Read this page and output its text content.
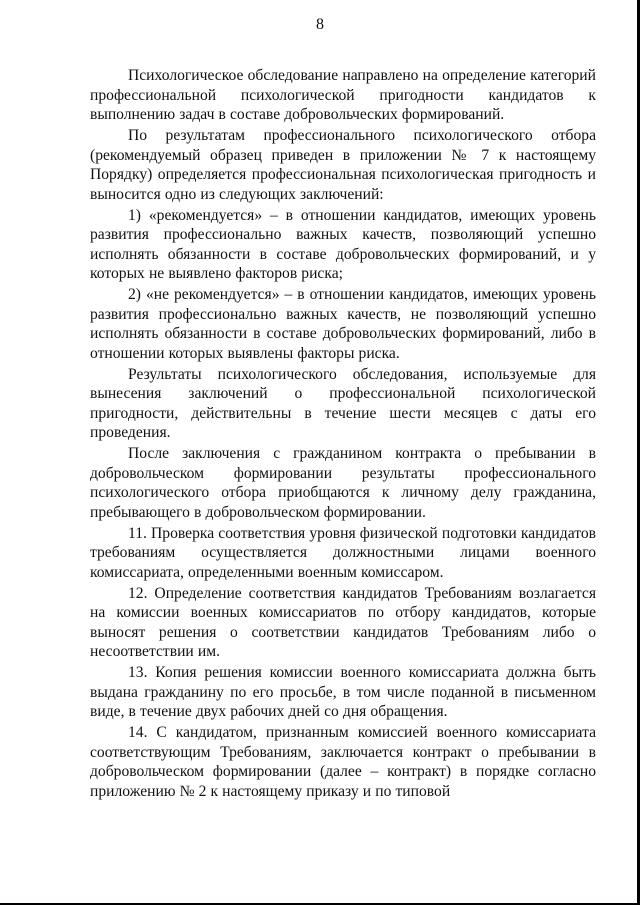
8

Психологическое обследование направлено на определение категорий профессиональной психологической пригодности кандидатов к выполнению задач в составе добровольческих формирований.

По результатам профессионального психологического отбора (рекомендуемый образец приведен в приложении № 7 к настоящему Порядку) определяется профессиональная психологическая пригодность и выносится одно из следующих заключений:

1) «рекомендуется» – в отношении кандидатов, имеющих уровень развития профессионально важных качеств, позволяющий успешно исполнять обязанности в составе добровольческих формирований, и у которых не выявлено факторов риска;

2) «не рекомендуется» – в отношении кандидатов, имеющих уровень развития профессионально важных качеств, не позволяющий успешно исполнять обязанности в составе добровольческих формирований, либо в отношении которых выявлены факторы риска.

Результаты психологического обследования, используемые для вынесения заключений о профессиональной психологической пригодности, действительны в течение шести месяцев с даты его проведения.

После заключения с гражданином контракта о пребывании в добровольческом формировании результаты профессионального психологического отбора приобщаются к личному делу гражданина, пребывающего в добровольческом формировании.

11. Проверка соответствия уровня физической подготовки кандидатов требованиям осуществляется должностными лицами военного комиссариата, определенными военным комиссаром.

12. Определение соответствия кандидатов Требованиям возлагается на комиссии военных комиссариатов по отбору кандидатов, которые выносят решения о соответствии кандидатов Требованиям либо о несоответствии им.

13. Копия решения комиссии военного комиссариата должна быть выдана гражданину по его просьбе, в том числе поданной в письменном виде, в течение двух рабочих дней со дня обращения.

14. С кандидатом, признанным комиссией военного комиссариата соответствующим Требованиям, заключается контракт о пребывании в добровольческом формировании (далее – контракт) в порядке согласно приложению № 2 к настоящему приказу и по типовой
